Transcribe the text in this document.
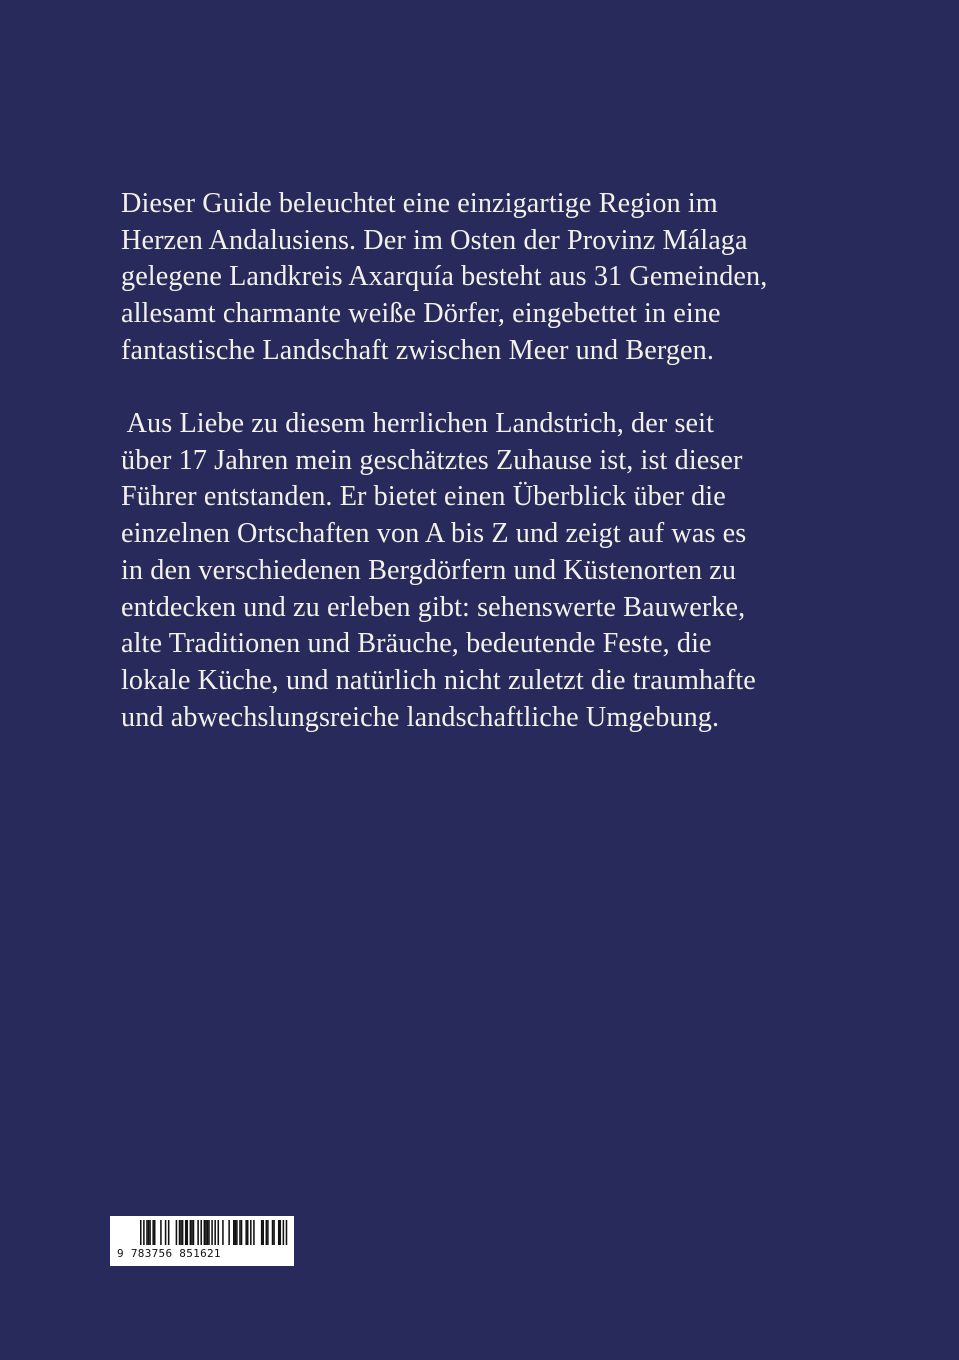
Dieser Guide beleuchtet eine einzigartige Region im
Herzen Andalusiens. Der im Osten der Provinz Málaga
gelegene Landkreis Axarquía besteht aus 31 Gemeinden,
allesamt charmante weiße Dörfer, eingebettet in eine
fantastische Landschaft zwischen Meer und Bergen.
Aus Liebe zu diesem herrlichen Landstrich, der seit
über 17 Jahren mein geschätztes Zuhause ist, ist dieser
Führer entstanden. Er bietet einen Überblick über die
einzelnen Ortschaften von A bis Z und zeigt auf was es
in den verschiedenen Bergdörfern und Küstenorten zu
entdecken und zu erleben gibt: sehenswerte Bauwerke,
alte Traditionen und Bräuche, bedeutende Feste, die
lokale Küche, und natürlich nicht zuletzt die traumhafte
und abwechslungsreiche landschaftliche Umgebung.
9 783756 851621
